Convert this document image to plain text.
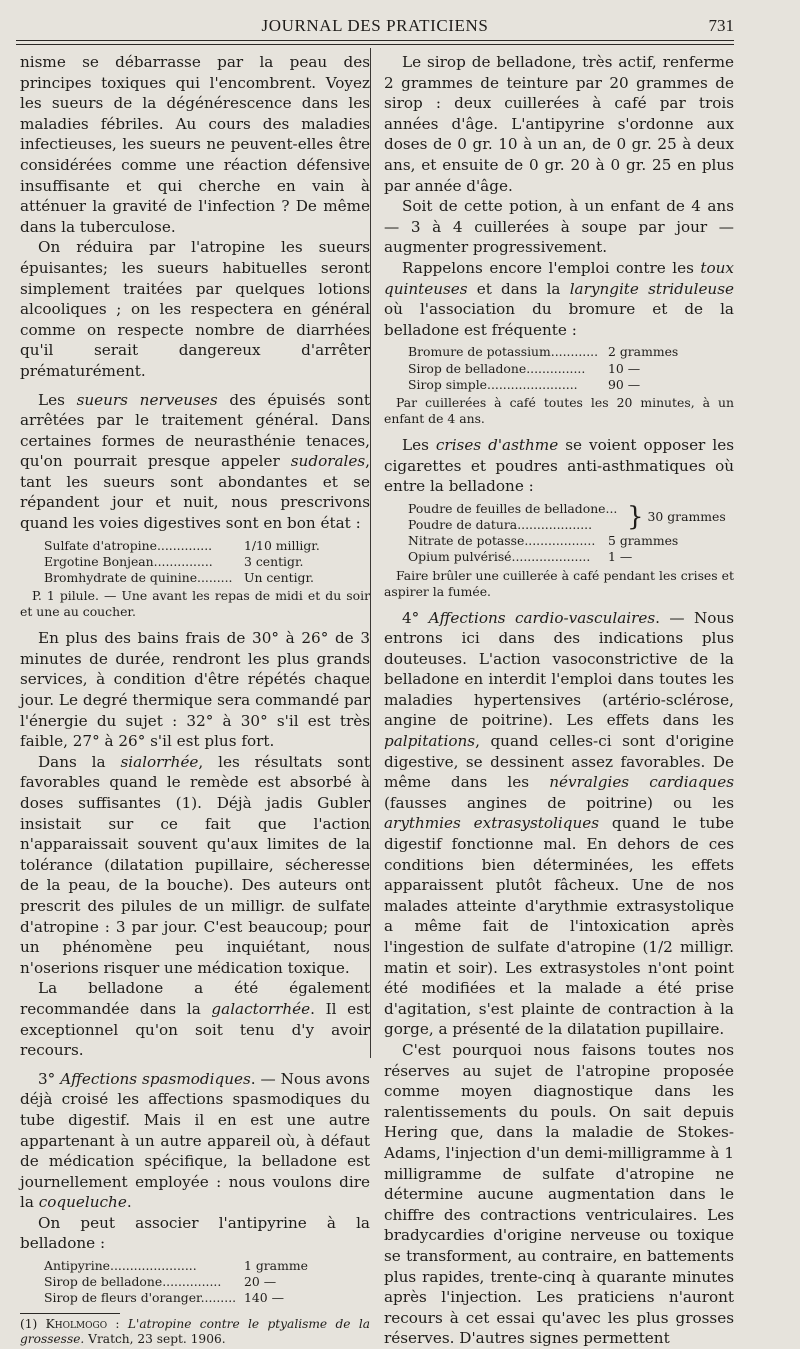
JOURNAL DES PRATICIENS	731

nisme se débarrasse par la peau des principes toxiques qui l'encombrent. Voyez les sueurs de la dégénérescence dans les maladies fébriles. Au cours des maladies infectieuses, les sueurs ne peuvent-elles être considérées comme une réaction défensive insuffisante et qui cherche en vain à atténuer la gravité de l'infection ? De même dans la tuberculose.

On réduira par l'atropine les sueurs épuisantes; les sueurs habituelles seront simplement traitées par quelques lotions alcooliques ; on les respectera en général comme on respecte nombre de diarrhées qu'il serait dangereux d'arrêter prématurément.

Les sueurs nerveuses des épuisés sont arrêtées par le traitement général. Dans certaines formes de neurasthénie tenaces, qu'on pourrait presque appeler sudorales, tant les sueurs sont abondantes et se répandent jour et nuit, nous prescrivons quand les voies digestives sont en bon état :

Sulfate d'atropine..............	1/10 milligr.
Ergotine Bonjean...............	3 centigr.
Bromhydrate de quinine......... Un centigr.

P. 1 pilule. — Une avant les repas de midi et du soir et une au coucher.

En plus des bains frais de 30° à 26° de 3 minutes de durée, rendront les plus grands services, à condition d'être répétés chaque jour. Le degré thermique sera commandé par l'énergie du sujet : 32° à 30° s'il est très faible, 27° à 26° s'il est plus fort.

Dans la sialorrhée, les résultats sont favorables quand le remède est absorbé à doses suffisantes (1). Déjà jadis Gubler insistait sur ce fait que l'action n'apparaissait souvent qu'aux limites de la tolérance (dilatation pupillaire, sécheresse de la peau, de la bouche). Des auteurs ont prescrit des pilules de un milligr. de sulfate d'atropine : 3 par jour. C'est beaucoup; pour un phénomène peu inquiétant, nous n'oserions risquer une médication toxique.

La belladone a été également recommandée dans la galactorrhée. Il est exceptionnel qu'on soit tenu d'y avoir recours.

3° Affections spasmodiques. — Nous avons déjà croisé les affections spasmodiques du tube digestif. Mais il en est une autre appartenant à un autre appareil où, à défaut de médication spécifique, la belladone est journellement employée : nous voulons dire la coqueluche.

On peut associer l'antipyrine à la belladone :

Antipyrine......................	1 gramme
Sirop de belladone............... 20 —
Sirop de fleurs d'oranger......... 140 —

(1) Kholmogo : L'atropine contre le ptyalisme de la grossesse. Vratch, 23 sept. 1906.

Le sirop de belladone, très actif, renferme 2 grammes de teinture par 20 grammes de sirop : deux cuillerées à café par trois années d'âge. L'antipyrine s'ordonne aux doses de 0 gr. 10 à un an, de 0 gr. 25 à deux ans, et ensuite de 0 gr. 20 à 0 gr. 25 en plus par année d'âge.

Soit de cette potion, à un enfant de 4 ans — 3 à 4 cuillerées à soupe par jour — augmenter progressivement.

Rappelons encore l'emploi contre les toux quinteuses et dans la laryngite striduleuse où l'association du bromure et de la belladone est fréquente :

Bromure de potassium............ 2 grammes
Sirop de belladone............... 10 —
Sirop simple....................... 90 —

Par cuillerées à café toutes les 20 minutes, à un enfant de 4 ans.

Les crises d'asthme se voient opposer les cigarettes et poudres anti-asthmatiques où entre la belladone :

Poudre de feuilles de belladone...
Poudre de datura...................	} 30 grammes
Nitrate de potasse.................. 5 grammes
Opium pulvérisé.................... 1 —

Faire brûler une cuillerée à café pendant les crises et aspirer la fumée.

4° Affections cardio-vasculaires. — Nous entrons ici dans des indications plus douteuses. L'action vasoconstrictive de la belladone en interdit l'emploi dans toutes les maladies hypertensives (artério-sclérose, angine de poitrine). Les effets dans les palpitations, quand celles-ci sont d'origine digestive, se dessinent assez favorables. De même dans les névralgies cardiaques (fausses angines de poitrine) ou les arythmies extrasystoliques quand le tube digestif fonctionne mal. En dehors de ces conditions bien déterminées, les effets apparaissent plutôt fâcheux. Une de nos malades atteinte d'arythmie extrasystolique a même fait de l'intoxication après l'ingestion de sulfate d'atropine (1/2 milligr. matin et soir). Les extrasystoles n'ont point été modifiées et la malade a été prise d'agitation, s'est plainte de contraction à la gorge, a présenté de la dilatation pupillaire.

C'est pourquoi nous faisons toutes nos réserves au sujet de l'atropine proposée comme moyen diagnostique dans les ralentissements du pouls. On sait depuis Hering que, dans la maladie de Stokes-Adams, l'injection d'un demi-milligramme à 1 milligramme de sulfate d'atropine ne détermine aucune augmentation dans le chiffre des contractions ventriculaires. Les bradycardies d'origine nerveuse ou toxique se transforment, au contraire, en battements plus rapides, trente-cinq à quarante minutes après l'injection. Les praticiens n'auront recours à cet essai qu'avec les plus grosses réserves. D'autres signes permettent
